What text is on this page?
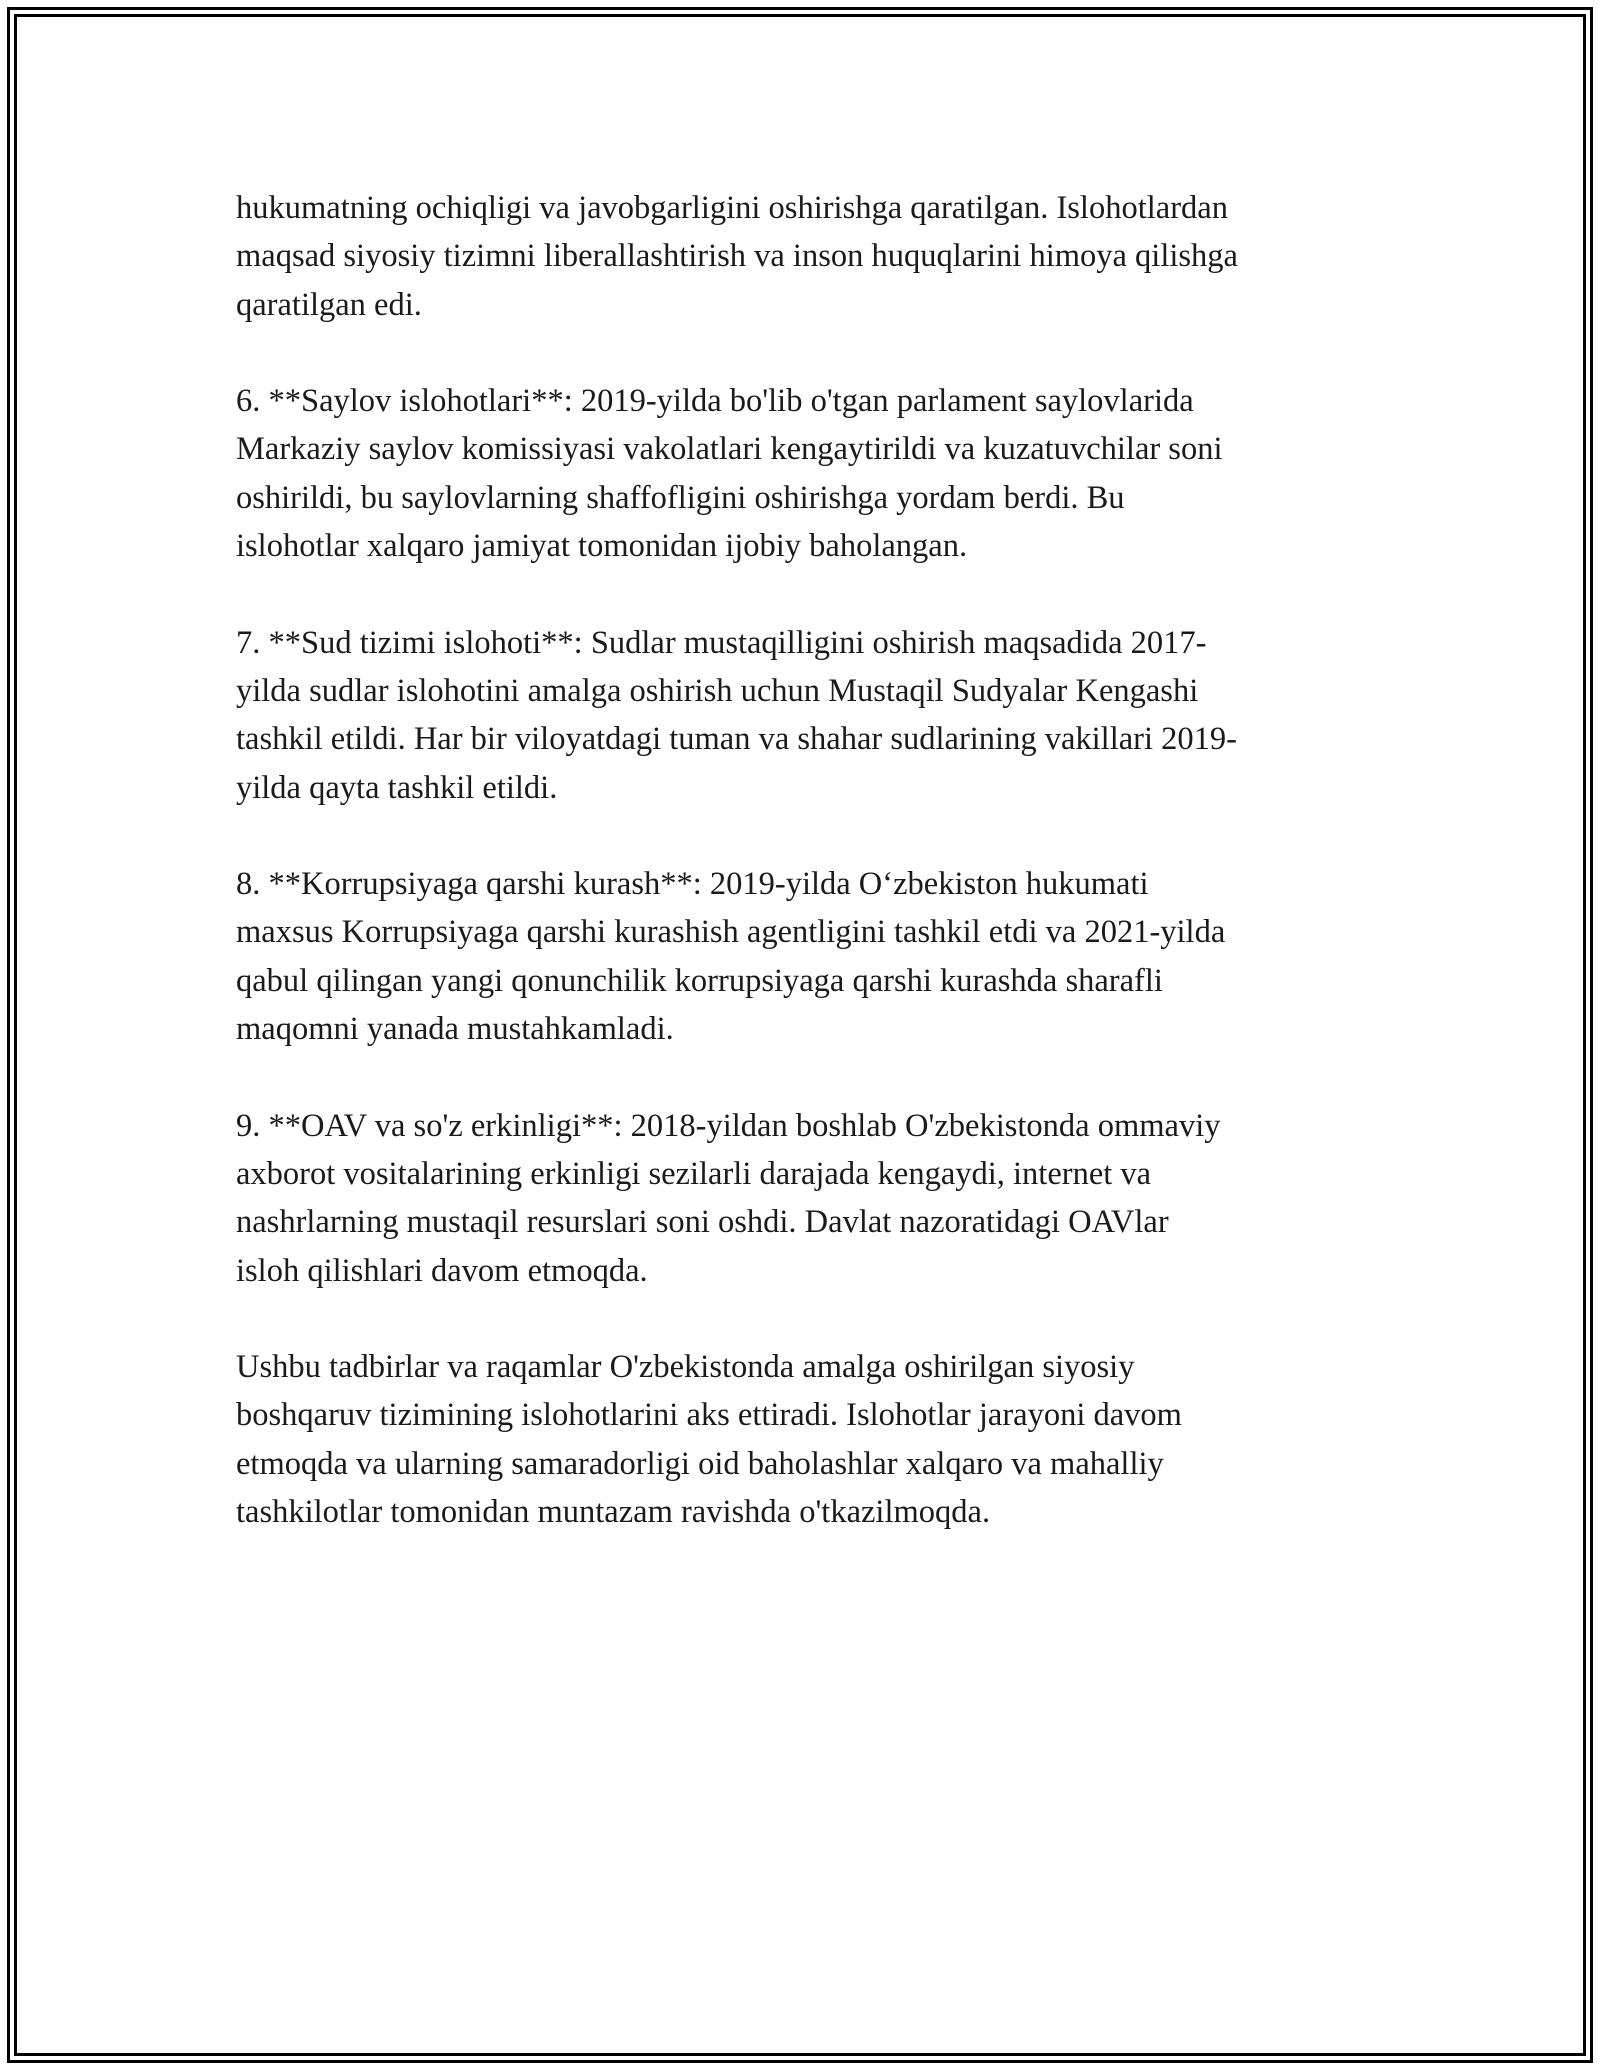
hukumatning ochiqligi va javobgarligini oshirishga qaratilgan. Islohotlardan
maqsad siyosiy tizimni liberallashtirish va inson huquqlarini himoya qilishga
qaratilgan edi.

6. **Saylov islohotlari**: 2019-yilda bo'lib o'tgan parlament saylovlarida
Markaziy saylov komissiyasi vakolatlari kengaytirildi va kuzatuvchilar soni
oshirildi, bu saylovlarning shaffofligini oshirishga yordam berdi. Bu
islohotlar xalqaro jamiyat tomonidan ijobiy baholangan.

7. **Sud tizimi islohoti**: Sudlar mustaqilligini oshirish maqsadida 2017-
yilda sudlar islohotini amalga oshirish uchun Mustaqil Sudyalar Kengashi
tashkil etildi. Har bir viloyatdagi tuman va shahar sudlarining vakillari 2019-
yilda qayta tashkil etildi.

8. **Korrupsiyaga qarshi kurash**: 2019-yilda O‘zbekiston hukumati
maxsus Korrupsiyaga qarshi kurashish agentligini tashkil etdi va 2021-yilda
qabul qilingan yangi qonunchilik korrupsiyaga qarshi kurashda sharafli
maqomni yanada mustahkamladi.

9. **OAV va so'z erkinligi**: 2018-yildan boshlab O'zbekistonda ommaviy
axborot vositalarining erkinligi sezilarli darajada kengaydi, internet va
nashrlarning mustaqil resurslari soni oshdi. Davlat nazoratidagi OAVlar
isloh qilishlari davom etmoqda.

Ushbu tadbirlar va raqamlar O'zbekistonda amalga oshirilgan siyosiy
boshqaruv tizimining islohotlarini aks ettiradi. Islohotlar jarayoni davom
etmoqda va ularning samaradorligi oid baholashlar xalqaro va mahalliy
tashkilotlar tomonidan muntazam ravishda o'tkazilmoqda.
